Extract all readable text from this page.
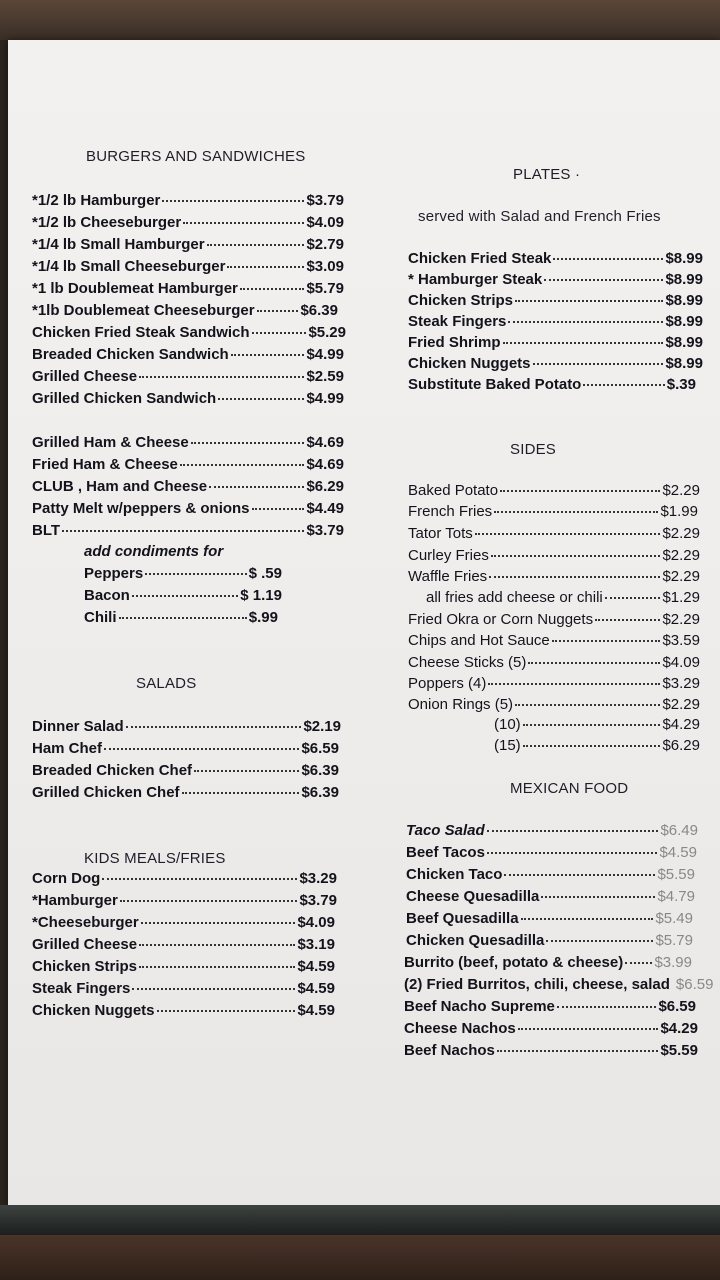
BURGERS AND SANDWICHES
*1/2 lb Hamburger	$3.79
*1/2 lb Cheeseburger	$4.09
*1/4 lb Small Hamburger	$2.79
*1/4 lb Small Cheeseburger	$3.09
*1 lb Doublemeat Hamburger	$5.79
*1lb Doublemeat Cheeseburger	$6.39
Chicken Fried Steak Sandwich	$5.29
Breaded Chicken Sandwich	$4.99
Grilled Cheese	$2.59
Grilled Chicken Sandwich	$4.99
Grilled Ham & Cheese	$4.69
Fried Ham & Cheese	$4.69
CLUB , Ham and Cheese	$6.29
Patty Melt w/peppers & onions	$4.49
BLT	$3.79
add condiments for
Peppers	$ .59
Bacon	$ 1.19
Chili	$.99
SALADS
Dinner Salad	$2.19
Ham Chef	$6.59
Breaded Chicken Chef	$6.39
Grilled Chicken Chef	$6.39
KIDS MEALS/FRIES
Corn Dog	$3.29
*Hamburger	$3.79
*Cheeseburger	$4.09
Grilled Cheese	$3.19
Chicken Strips	$4.59
Steak Fingers	$4.59
Chicken Nuggets	$4.59
PLATES ·
served with Salad and French Fries
Chicken Fried Steak	$8.99
* Hamburger Steak	$8.99
Chicken Strips	$8.99
Steak Fingers	$8.99
Fried Shrimp	$8.99
Chicken Nuggets	$8.99
Substitute Baked Potato	$.39
SIDES
Baked Potato	$2.29
French Fries	$1.99
Tator Tots	$2.29
Curley Fries	$2.29
Waffle Fries	$2.29
all fries add cheese or chili	$1.29
Fried Okra or Corn Nuggets	$2.29
Chips and Hot Sauce	$3.59
Cheese Sticks (5)	$4.09
Poppers (4)	$3.29
Onion Rings (5)	$2.29
(10)	$4.29
(15)	$6.29
MEXICAN FOOD
Taco Salad	$6.49
Beef Tacos	$4.59
Chicken Taco	$5.59
Cheese Quesadilla	$4.79
Beef Quesadilla	$5.49
Chicken Quesadilla	$5.79
Burrito (beef, potato & cheese) $3.99
(2) Fried Burritos, chili, cheese, salad $6.59
Beef Nacho Supreme	$6.59
Cheese Nachos	$4.29
Beef Nachos	$5.59
